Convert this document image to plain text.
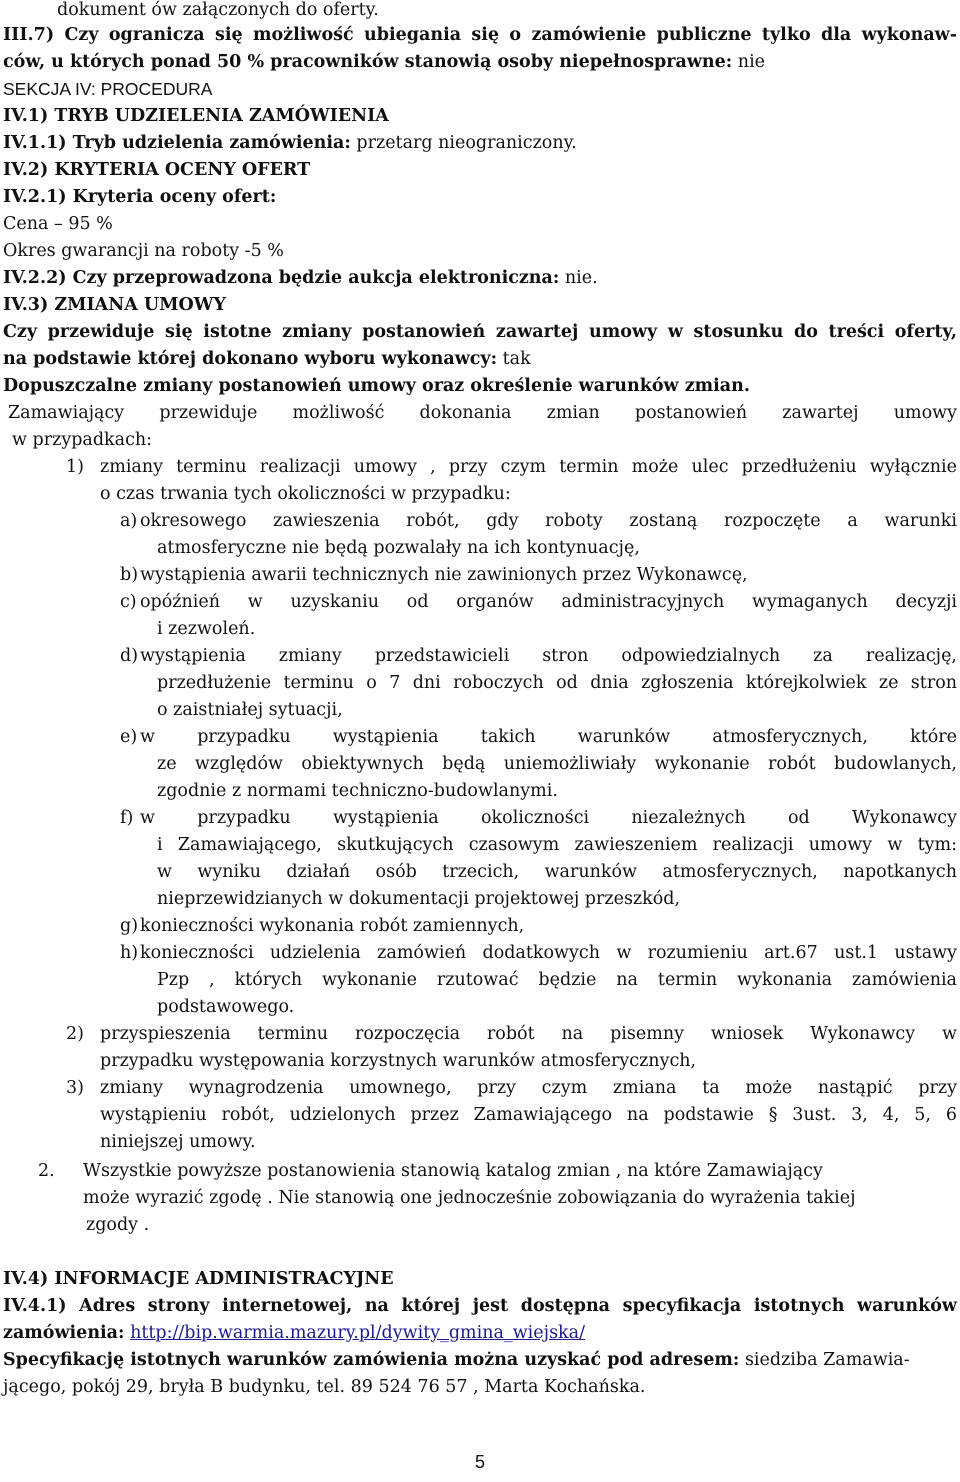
dokument ów załączonych do oferty.
III.7) Czy ogranicza się możliwość ubiegania się o zamówienie publiczne tylko dla wykonaw-
ców, u których ponad 50 % pracowników stanowią osoby niepełnosprawne: nie
SEKCJA IV: PROCEDURA
IV.1) TRYB UDZIELENIA ZAMÓWIENIA
IV.1.1) Tryb udzielenia zamówienia: przetarg nieograniczony.
IV.2) KRYTERIA OCENY OFERT
IV.2.1) Kryteria oceny ofert:
Cena – 95 %
Okres gwarancji na roboty -5 %
IV.2.2) Czy przeprowadzona będzie aukcja elektroniczna: nie.
IV.3) ZMIANA UMOWY
Czy przewiduje się istotne zmiany postanowień zawartej umowy w stosunku do treści oferty,
na podstawie której dokonano wyboru wykonawcy: tak
Dopuszczalne zmiany postanowień umowy oraz określenie warunków zmian.
Zamawiający przewiduje możliwość dokonania zmian postanowień zawartej umowy
w przypadkach:
1) zmiany terminu realizacji umowy , przy czym termin może ulec przedłużeniu wyłącznie
o czas trwania tych okoliczności w przypadku:
a) okresowego zawieszenia robót, gdy roboty zostaną rozpoczęte a warunki
atmosferyczne nie będą pozwalały na ich kontynuację,
b) wystąpienia awarii technicznych nie zawinionych przez Wykonawcę,
c) opóźnień w uzyskaniu od organów administracyjnych wymaganych decyzji
i zezwoleń.
d) wystąpienia zmiany przedstawicieli stron odpowiedzialnych za realizację,
przedłużenie terminu o 7 dni roboczych od dnia zgłoszenia którejkolwiek ze stron
o zaistniałej sytuacji,
e) w przypadku wystąpienia takich warunków atmosferycznych, które
ze względów obiektywnych będą uniemożliwiały wykonanie robót budowlanych,
zgodnie z normami techniczno-budowlanymi.
f) w przypadku wystąpienia okoliczności niezależnych od Wykonawcy
i Zamawiającego, skutkujących czasowym zawieszeniem realizacji umowy w tym:
w wyniku działań osób trzecich, warunków atmosferycznych, napotkanych
nieprzewidzianych w dokumentacji projektowej przeszkód,
g) konieczności wykonania robót zamiennych,
h) konieczności udzielenia zamówień dodatkowych w rozumieniu art.67 ust.1 ustawy
Pzp , których wykonanie rzutować będzie na termin wykonania zamówienia
podstawowego.
2) przyspieszenia terminu rozpoczęcia robót na pisemny wniosek Wykonawcy w
przypadku występowania korzystnych warunków atmosferycznych,
3) zmiany wynagrodzenia umownego, przy czym zmiana ta może nastąpić przy
wystąpieniu robót, udzielonych przez Zamawiającego na podstawie § 3ust. 3, 4, 5, 6
niniejszej umowy.
2.	Wszystkie powyższe postanowienia stanowią katalog zmian , na które Zamawiający
może wyrazić zgodę . Nie stanowią one jednocześnie zobowiązania do wyrażenia takiej
zgody .
IV.4) INFORMACJE ADMINISTRACYJNE
IV.4.1) Adres strony internetowej, na której jest dostępna specyfikacja istotnych warunków
zamówienia: http://bip.warmia.mazury.pl/dywity_gmina_wiejska/
Specyfikację istotnych warunków zamówienia można uzyskać pod adresem: siedziba Zamawia-
jącego, pokój 29, bryła B budynku, tel. 89 524 76 57 , Marta Kochańska.
5
